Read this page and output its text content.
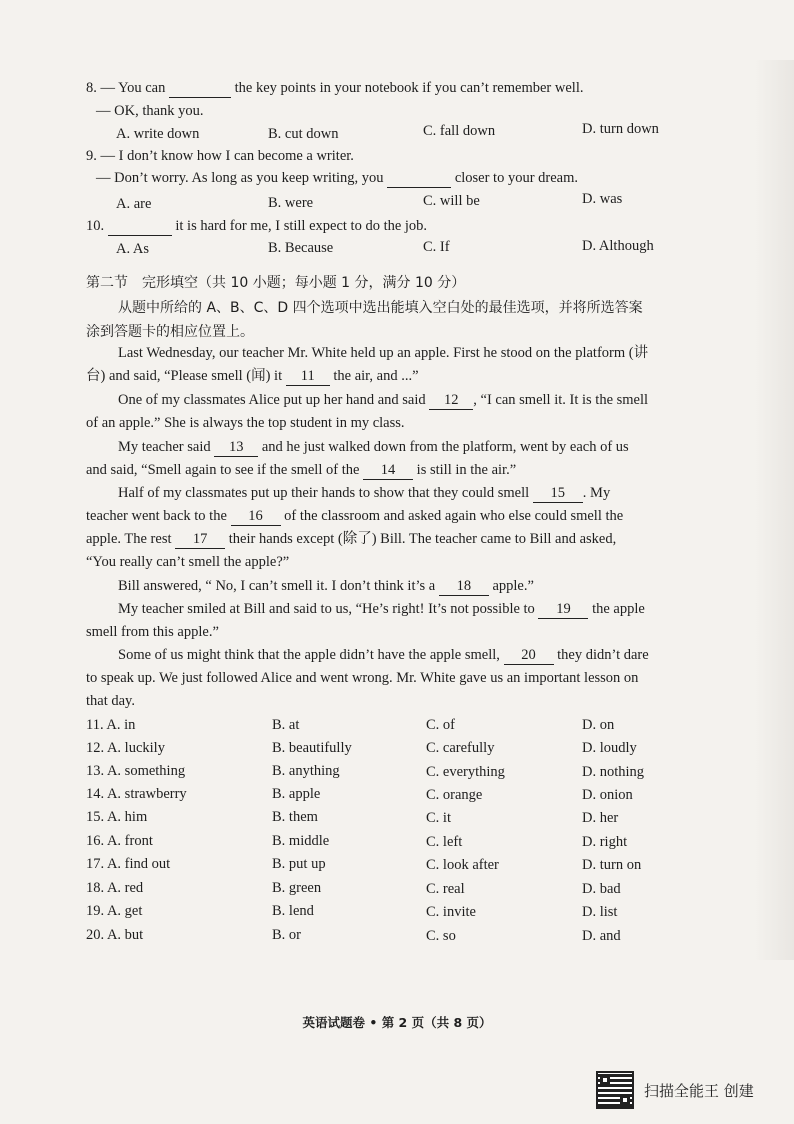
8. — You can	the key points in your notebook if you can’t remember well.
— OK, thank you.
A. write down	B. cut down	C. fall down	D. turn down
9. — I don’t know how I can become a writer.
— Don’t worry. As long as you keep writing, you	closer to your dream.
A. are	B. were	C. will be	D. was
10.	it is hard for me, I still expect to do the job.
A. As	B. Because	C. If	D. Although
第二节　完形填空（共 10 小题；每小题 1 分，满分 10 分）
从题中所给的 A、B、C、D 四个选项中选出能填入空白处的最佳选项，并将所选答案
涂到答题卡的相应位置上。
Last Wednesday, our teacher Mr. White held up an apple. First he stood on the platform (讲
台) and said, “Please smell (闻) it 11 the air, and ...”
One of my classmates Alice put up her hand and said 12 , “I can smell it. It is the smell
of an apple.” She is always the top student in my class.
My teacher said 13 and he just walked down from the platform, went by each of us
and said, “Smell again to see if the smell of the 14 is still in the air.”
Half of my classmates put up their hands to show that they could smell 15 . My
teacher went back to the 16 of the classroom and asked again who else could smell the
apple. The rest 17 their hands except (除了) Bill. The teacher came to Bill and asked,
“You really can’t smell the apple?”
Bill answered, “ No, I can’t smell it. I don’t think it’s a 18 apple.”
My teacher smiled at Bill and said to us, “He’s right! It’s not possible to 19 the apple
smell from this apple.”
Some of us might think that the apple didn’t have the apple smell, 20 they didn’t dare
to speak up. We just followed Alice and went wrong. Mr. White gave us an important lesson on
that day.
11. A. in	B. at	C. of	D. on
12. A. luckily	B. beautifully	C. carefully	D. loudly
13. A. something	B. anything	C. everything	D. nothing
14. A. strawberry	B. apple	C. orange	D. onion
15. A. him	B. them	C. it	D. her
16. A. front	B. middle	C. left	D. right
17. A. find out	B. put up	C. look after	D. turn on
18. A. red	B. green	C. real	D. bad
19. A. get	B. lend	C. invite	D. list
20. A. but	B. or	C. so	D. and
英语试题卷 • 第 2 页（共 8 页）
扫描全能王 创建
